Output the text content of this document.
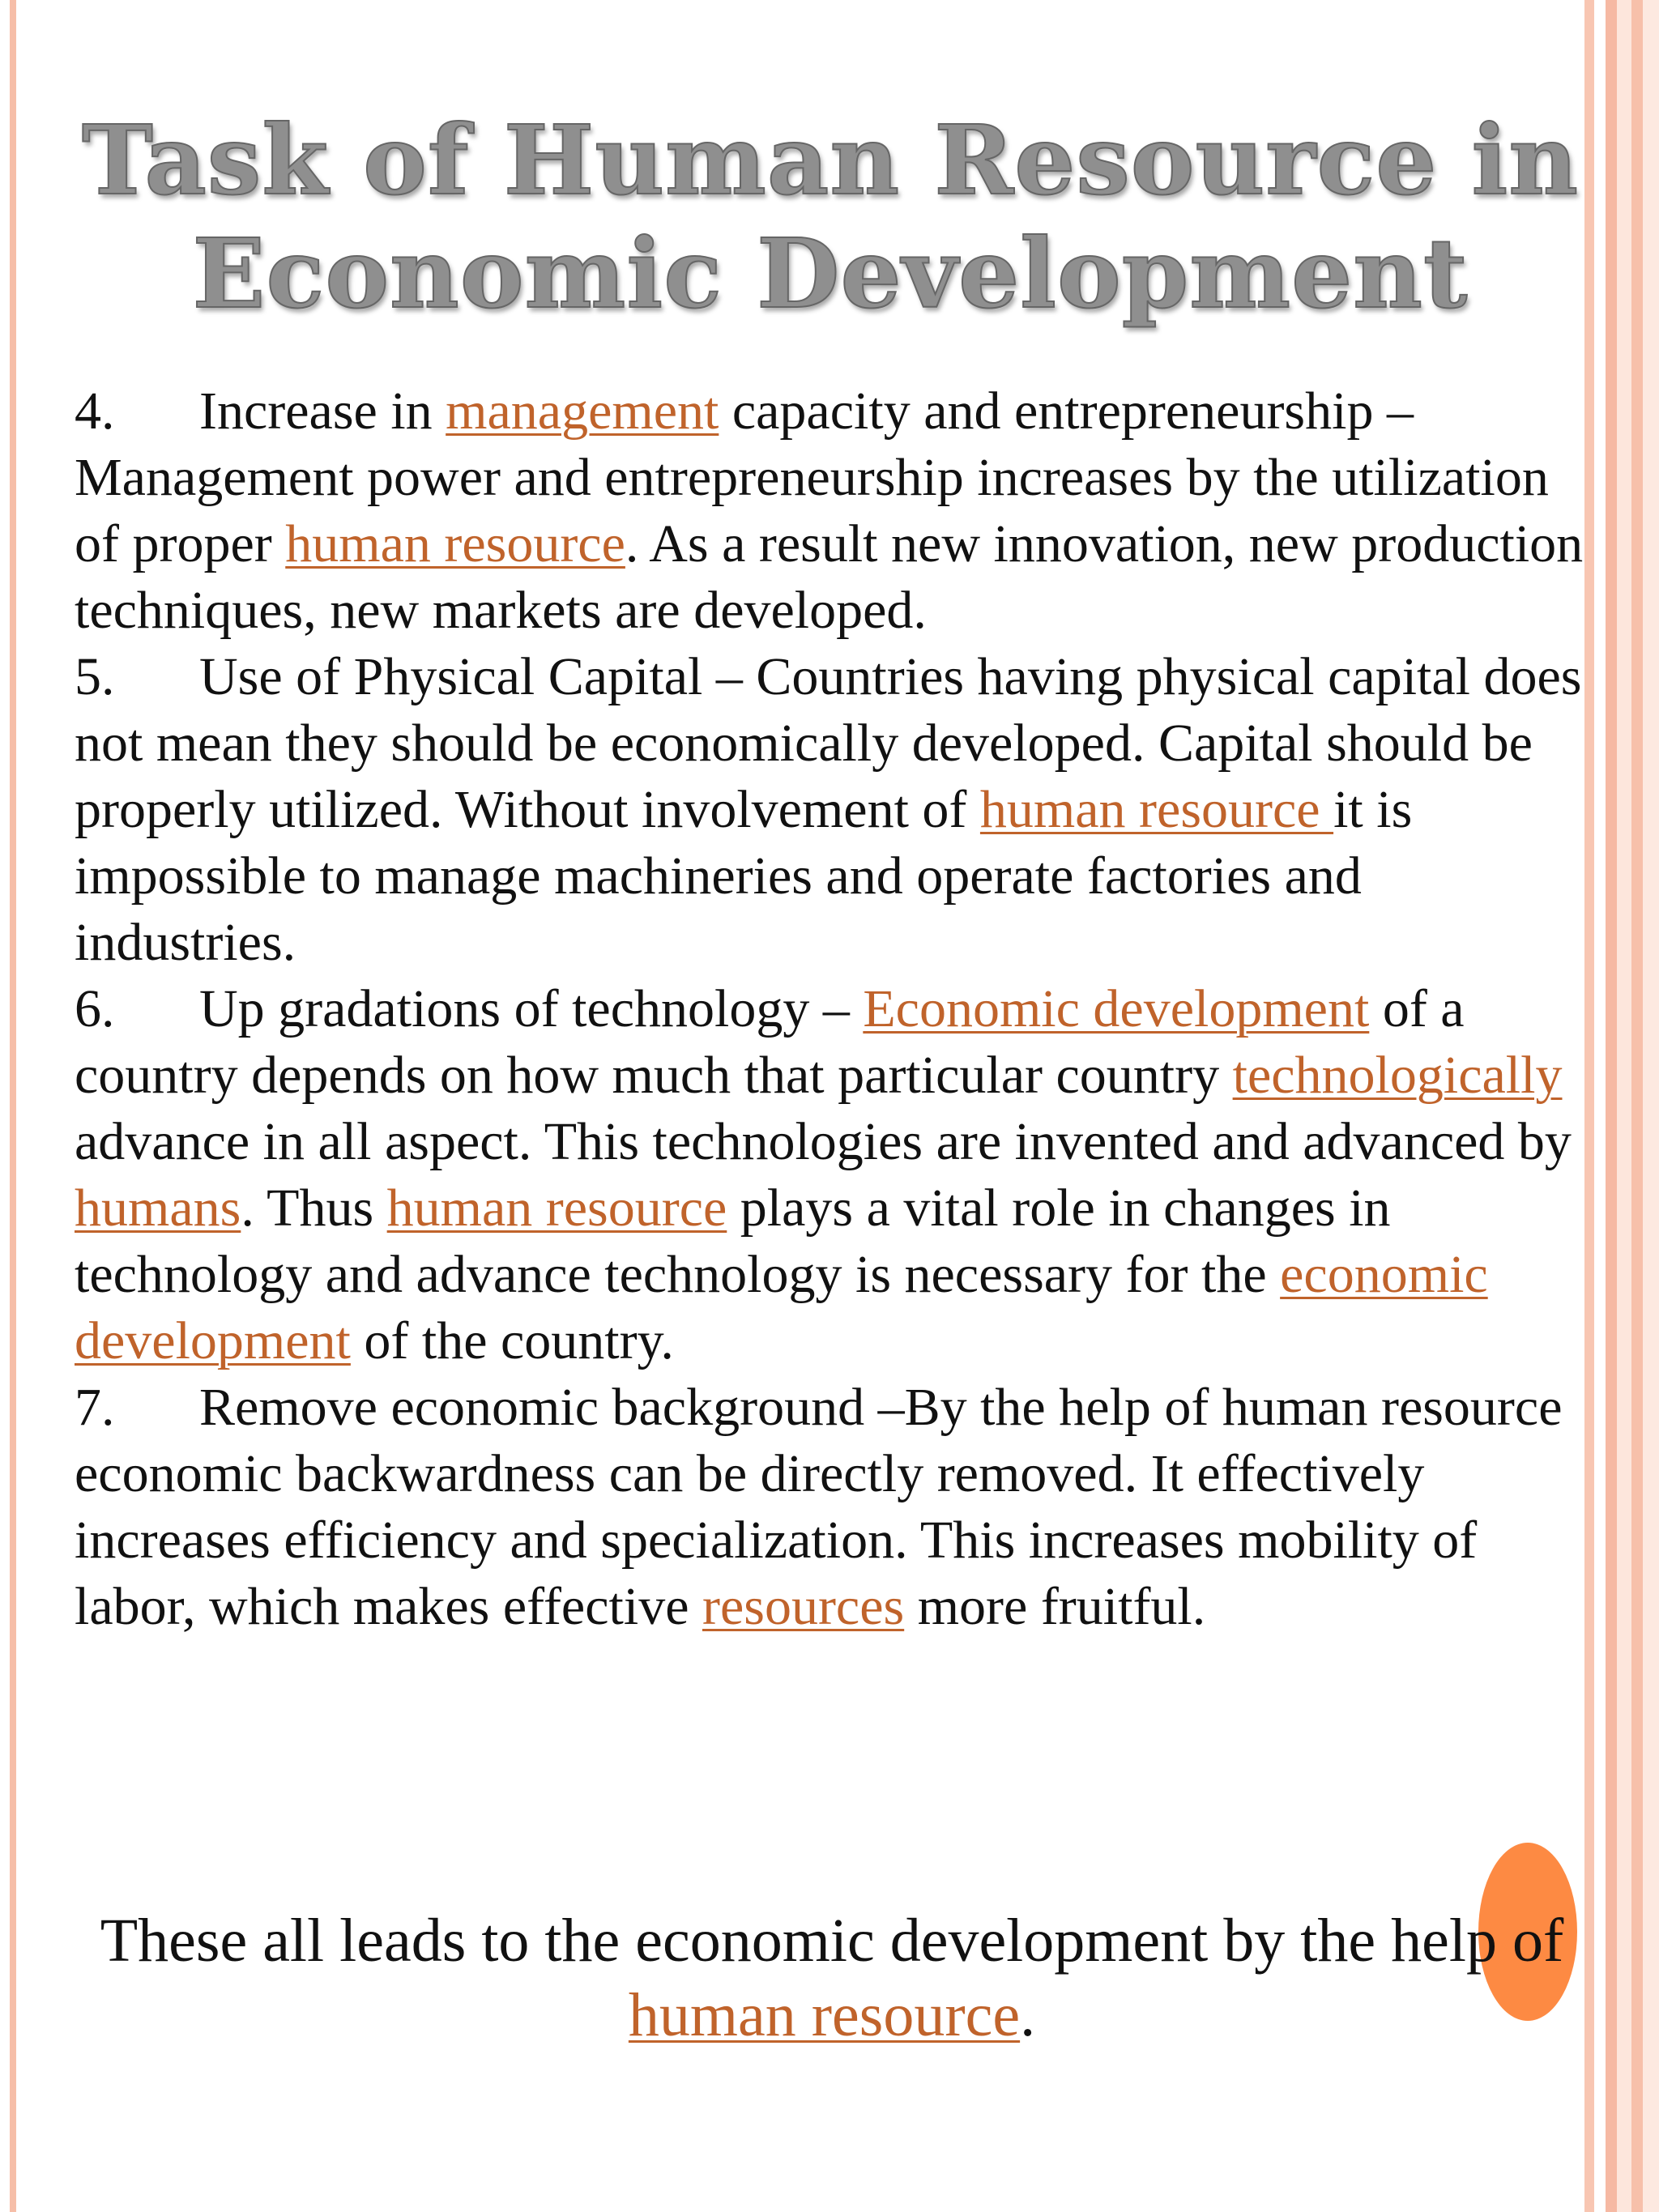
Task of Human Resource in
Economic Development
4. Increase in management capacity and entrepreneurship – Management power and entrepreneurship increases by the utilization of proper human resource. As a result new innovation, new production techniques, new markets are developed.
5. Use of Physical Capital – Countries having physical capital does not mean they should be economically developed. Capital should be properly utilized. Without involvement of human resource it is impossible to manage machineries and operate factories and industries.
6. Up gradations of technology – Economic development of a country depends on how much that particular country technologically advance in all aspect. This technologies are invented and advanced by humans. Thus human resource plays a vital role in changes in technology and advance technology is necessary for the economic development of the country.
7. Remove economic background –By the help of human resource economic backwardness can be directly removed. It effectively increases efficiency and specialization. This increases mobility of labor, which makes effective resources more fruitful.
These all leads to the economic development by the help of human resource.
